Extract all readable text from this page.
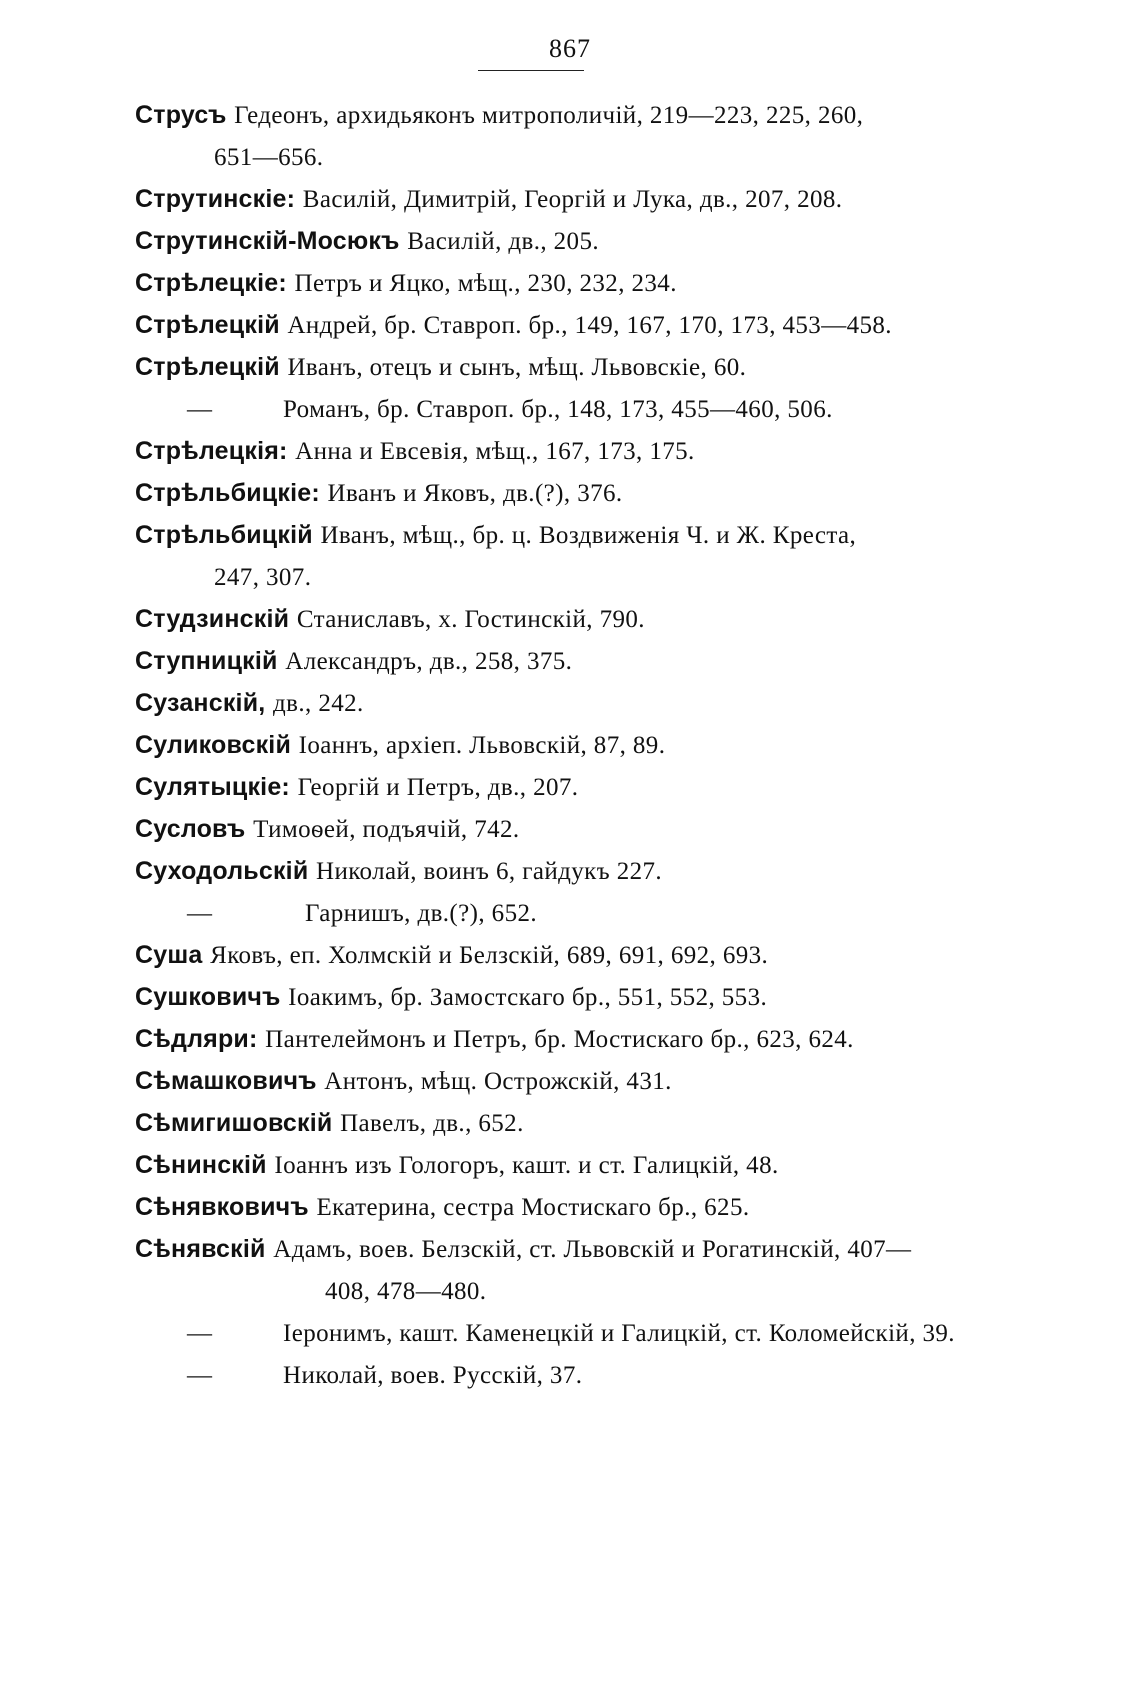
867
Струсъ Гедеонъ, архидьяконъ митрополичій, 219—223, 225, 260,
651—656.
Струтинскіе: Василій, Димитрій, Георгій и Лука, дв., 207, 208.
Струтинскій-Мосюкъ Василій, дв., 205.
Стрѣлецкіе: Петръ и Яцко, мѣщ., 230, 232, 234.
Стрѣлецкій Андрей, бр. Ставроп. бр., 149, 167, 170, 173, 453—458.
Стрѣлецкій Иванъ, отецъ и сынъ, мѣщ. Львовскіе, 60.
—	Романъ, бр. Ставроп. бр., 148, 173, 455—460, 506.
Стрѣлецкія: Анна и Евсевія, мѣщ., 167, 173, 175.
Стрѣльбицкіе: Иванъ и Яковъ, дв.(?), 376.
Стрѣльбицкій Иванъ, мѣщ., бр. ц. Воздвиженія Ч. и Ж. Креста,
247, 307.
Студзинскій Станиславъ, х. Гостинскій, 790.
Ступницкій Александръ, дв., 258, 375.
Сузанскій, дв., 242.
Суликовскій Іоаннъ, архіеп. Львовскій, 87, 89.
Сулятыцкіе: Георгій и Петръ, дв., 207.
Сусловъ Тимоѳей, подъячій, 742.
Суходольскій Николай, воинъ 6, гайдукъ 227.
—	Гарнишъ, дв.(?), 652.
Суша Яковъ, еп. Холмскій и Белзскій, 689, 691, 692, 693.
Сушковичъ Іоакимъ, бр. Замостскаго бр., 551, 552, 553.
Сѣдляри: Пантелеймонъ и Петръ, бр. Мостискаго бр., 623, 624.
Сѣмашковичъ Антонъ, мѣщ. Острожскій, 431.
Сѣмигишовскій Павелъ, дв., 652.
Сѣнинскій Іоаннъ изъ Гологоръ, кашт. и ст. Галицкій, 48.
Сѣнявковичъ Екатерина, сестра Мостискаго бр., 625.
Сѣнявскій Адамъ, воев. Белзскій, ст. Львовскій и Рогатинскій, 407—
408, 478—480.
—	Іеронимъ, кашт. Каменецкій и Галицкій, ст. Коломейскій, 39.
—	Николай, воев. Русскій, 37.
